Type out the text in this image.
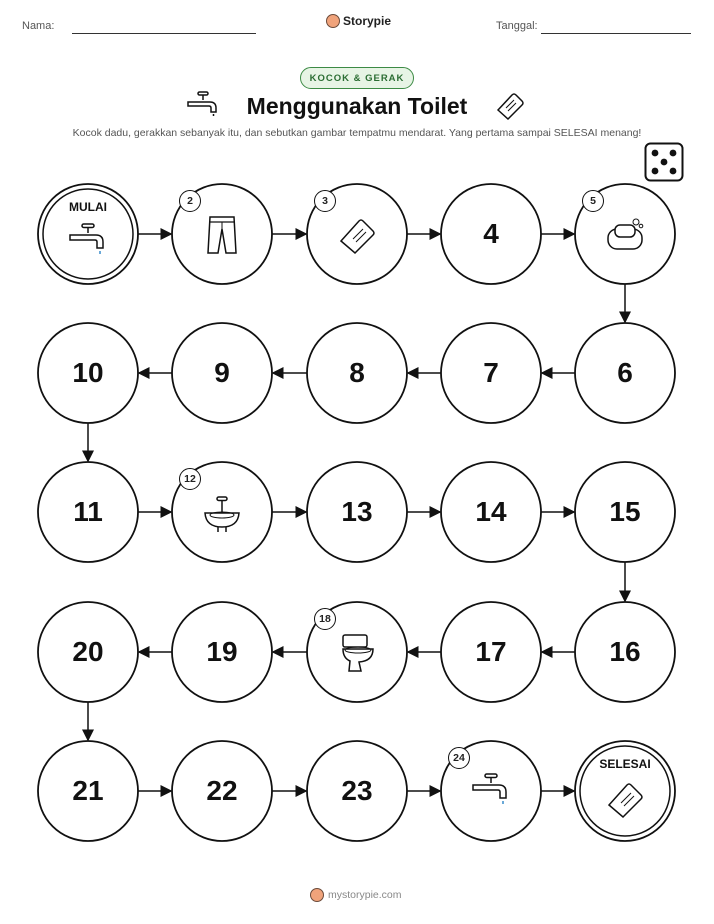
Nama:	Storypie	Tanggal:
KOCOK & GERAK
Menggunakan Toilet
Kocok dadu, gerakkan sebanyak itu, dan sebutkan gambar tempatmu mendarat. Yang pertama sampai SELESAI menang!
MULAI	2	3
4
5
6
7
8
9
10
11
12
13	14	15
16
17
18
19
20
21	22	23
24	SELESAI
mystorypie.com
